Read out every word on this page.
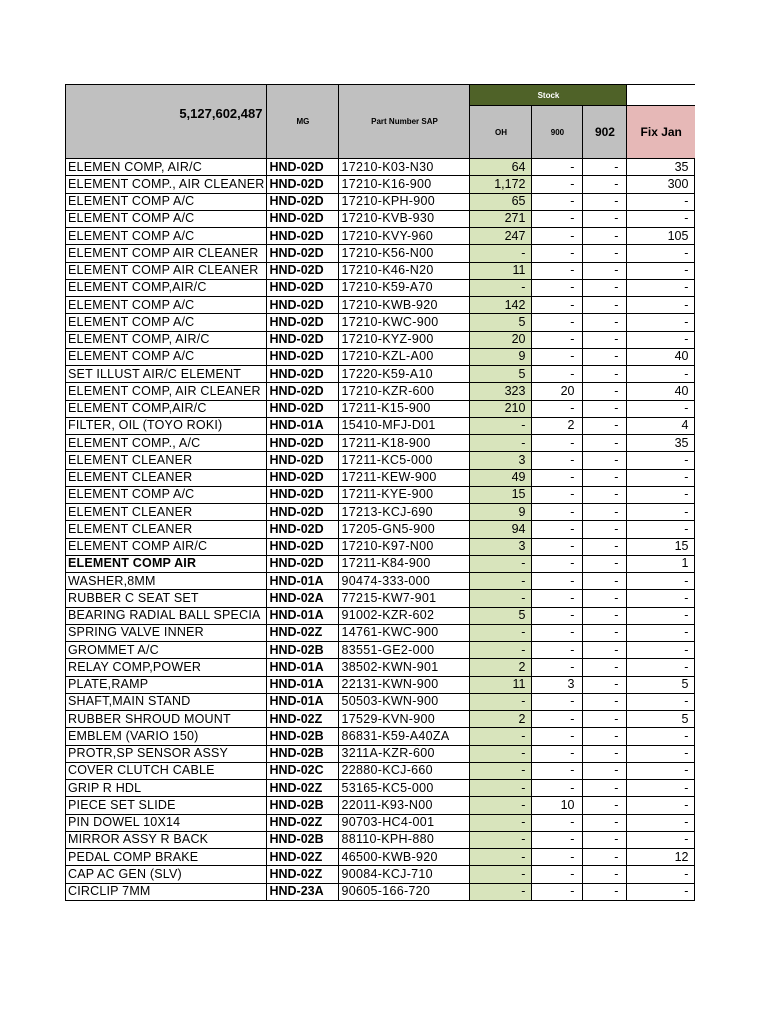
5,127,602,487	MG	Part Number SAP	Stock			
			OH	900	902	Fix Jan
ELEMEN COMP, AIR/C	HND-02D	17210-K03-N30	64	-	-	35
ELEMENT COMP., AIR CLEANER	HND-02D	17210-K16-900	1,172	-	-	300
ELEMENT COMP A/C	HND-02D	17210-KPH-900	65	-	-	-
ELEMENT COMP A/C	HND-02D	17210-KVB-930	271	-	-	-
ELEMENT COMP A/C	HND-02D	17210-KVY-960	247	-	-	105
ELEMENT COMP AIR CLEANER	HND-02D	17210-K56-N00	-	-	-	-
ELEMENT COMP AIR CLEANER	HND-02D	17210-K46-N20	11	-	-	-
ELEMENT COMP,AIR/C	HND-02D	17210-K59-A70	-	-	-	-
ELEMENT COMP A/C	HND-02D	17210-KWB-920	142	-	-	-
ELEMENT COMP A/C	HND-02D	17210-KWC-900	5	-	-	-
ELEMENT COMP, AIR/C	HND-02D	17210-KYZ-900	20	-	-	-
ELEMENT COMP A/C	HND-02D	17210-KZL-A00	9	-	-	40
SET ILLUST AIR/C ELEMENT	HND-02D	17220-K59-A10	5	-	-	-
ELEMENT COMP, AIR CLEANER	HND-02D	17210-KZR-600	323	20	-	40
ELEMENT COMP,AIR/C	HND-02D	17211-K15-900	210	-	-	-
FILTER, OIL (TOYO ROKI)	HND-01A	15410-MFJ-D01	-	2	-	4
ELEMENT COMP., A/C	HND-02D	17211-K18-900	-	-	-	35
ELEMENT CLEANER	HND-02D	17211-KC5-000	3	-	-	-
ELEMENT CLEANER	HND-02D	17211-KEW-900	49	-	-	-
ELEMENT COMP A/C	HND-02D	17211-KYE-900	15	-	-	-
ELEMENT CLEANER	HND-02D	17213-KCJ-690	9	-	-	-
ELEMENT CLEANER	HND-02D	17205-GN5-900	94	-	-	-
ELEMENT COMP AIR/C	HND-02D	17210-K97-N00	3	-	-	15
ELEMENT COMP AIR	HND-02D	17211-K84-900	-	-	-	1
WASHER,8MM	HND-01A	90474-333-000	-	-	-	-
RUBBER C SEAT SET	HND-02A	77215-KW7-901	-	-	-	-
BEARING RADIAL BALL SPECIA	HND-01A	91002-KZR-602	5	-	-	-
SPRING VALVE INNER	HND-02Z	14761-KWC-900	-	-	-	-
GROMMET A/C	HND-02B	83551-GE2-000	-	-	-	-
RELAY COMP,POWER	HND-01A	38502-KWN-901	2	-	-	-
PLATE,RAMP	HND-01A	22131-KWN-900	11	3	-	5
SHAFT,MAIN STAND	HND-01A	50503-KWN-900	-	-	-	-
RUBBER SHROUD MOUNT	HND-02Z	17529-KVN-900	2	-	-	5
EMBLEM (VARIO 150)	HND-02B	86831-K59-A40ZA	-	-	-	-
PROTR,SP SENSOR ASSY	HND-02B	3211A-KZR-600	-	-	-	-
COVER CLUTCH CABLE	HND-02C	22880-KCJ-660	-	-	-	-
GRIP R HDL	HND-02Z	53165-KC5-000	-	-	-	-
PIECE SET SLIDE	HND-02B	22011-K93-N00	-	10	-	-
PIN DOWEL 10X14	HND-02Z	90703-HC4-001	-	-	-	-
MIRROR ASSY R BACK	HND-02B	88110-KPH-880	-	-	-	-
PEDAL COMP BRAKE	HND-02Z	46500-KWB-920	-	-	-	12
CAP AC GEN (SLV)	HND-02Z	90084-KCJ-710	-	-	-	-
CIRCLIP 7MM	HND-23A	90605-166-720	-	-	-	-
